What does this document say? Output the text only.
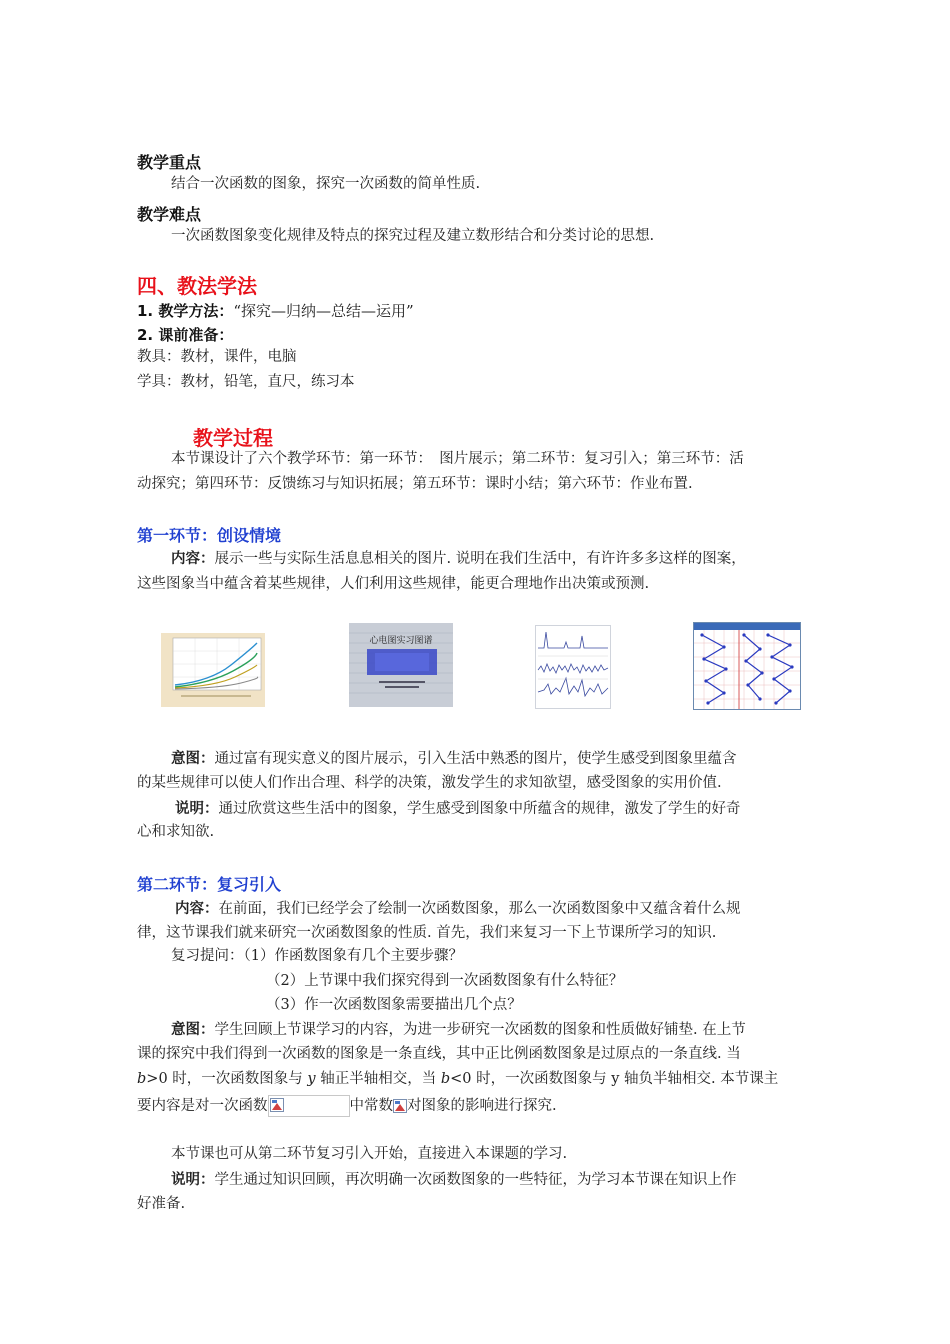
教学重点
结合一次函数的图象，探究一次函数的简单性质.
教学难点
一次函数图象变化规律及特点的探究过程及建立数形结合和分类讨论的思想.
四、教法学法
1. 教学方法：“探究—归纳—总结—运用”
2. 课前准备：
教具：教材，课件，电脑
学具：教材，铅笔，直尺，练习本
教学过程
本节课设计了六个教学环节：第一环节：　图片展示；第二环节：复习引入；第三环节：活
动探究；第四环节：反馈练习与知识拓展；第五环节：课时小结；第六环节：作业布置.
第一环节：创设情境
内容：展示一些与实际生活息息相关的图片. 说明在我们生活中，有许许多多这样的图案，
这些图象当中蕴含着某些规律，人们利用这些规律，能更合理地作出决策或预测.
心电图实习图谱
意图：通过富有现实意义的图片展示，引入生活中熟悉的图片，使学生感受到图象里蕴含
的某些规律可以使人们作出合理、科学的决策，激发学生的求知欲望，感受图象的实用价值.
说明：通过欣赏这些生活中的图象，学生感受到图象中所蕴含的规律，激发了学生的好奇
心和求知欲.
第二环节：复习引入
内容：在前面，我们已经学会了绘制一次函数图象，那么一次函数图象中又蕴含着什么规
律，这节课我们就来研究一次函数图象的性质. 首先，我们来复习一下上节课所学习的知识.
复习提问：（1）作函数图象有几个主要步骤？
（2）上节课中我们探究得到一次函数图象有什么特征？
（3）作一次函数图象需要描出几个点？
意图：学生回顾上节课学习的内容，为进一步研究一次函数的图象和性质做好铺垫. 在上节
课的探究中我们得到一次函数的图象是一条直线，其中正比例函数图象是过原点的一条直线. 当
b>0 时，一次函数图象与 y 轴正半轴相交，当 b<0 时，一次函数图象与 y 轴负半轴相交. 本节课主
要内容是对一次函数	中常数 对图象的影响进行探究.
本节课也可从第二环节复习引入开始，直接进入本课题的学习.
说明：学生通过知识回顾，再次明确一次函数图象的一些特征，为学习本节课在知识上作
好准备.
